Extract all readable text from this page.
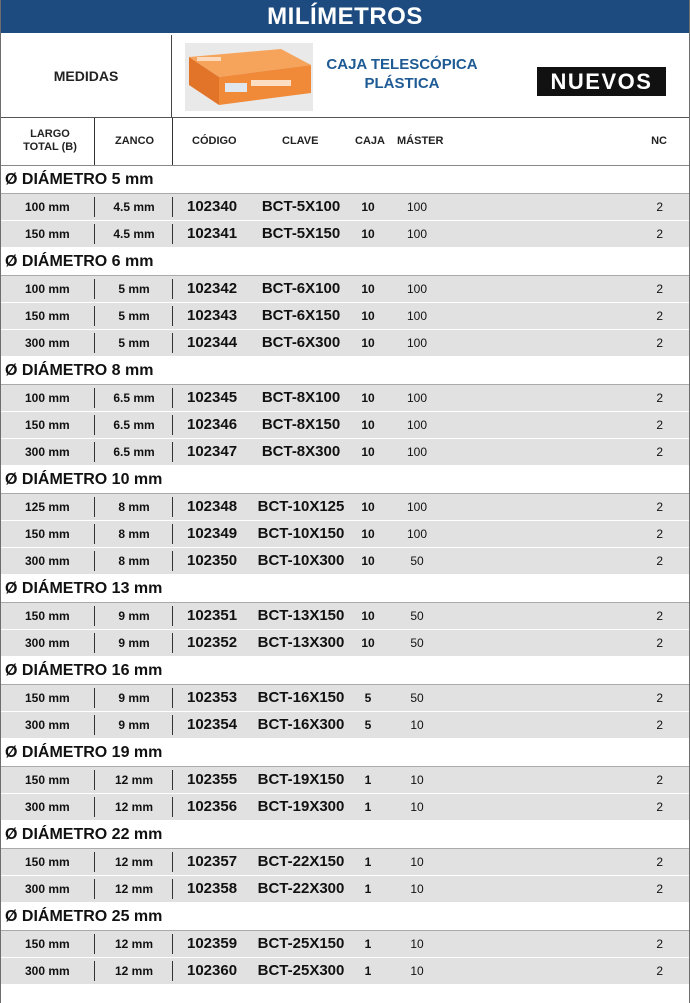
MILÍMETROS
MEDIDAS
CAJA TELESCÓPICA
PLÁSTICA	NUEVOS
LARGO
TOTAL (B)	ZANCO	CÓDIGO	CLAVE	CAJA MÁSTER	NC
Ø DIÁMETRO 5 mm
100 mm	4.5 mm	102340	BCT-5X100	10	100	2
150 mm	4.5 mm	102341	BCT-5X150	10	100	2
Ø DIÁMETRO 6 mm
100 mm	5 mm	102342	BCT-6X100	10	100	2
150 mm	5 mm	102343	BCT-6X150	10	100	2
300 mm	5 mm	102344	BCT-6X300	10	100	2
Ø DIÁMETRO 8 mm
100 mm	6.5 mm	102345	BCT-8X100	10	100	2
150 mm	6.5 mm	102346	BCT-8X150	10	100	2
300 mm	6.5 mm	102347	BCT-8X300	10	100	2
Ø DIÁMETRO 10 mm
125 mm	8 mm	102348 BCT-10X125	10	100	2
150 mm	8 mm	102349 BCT-10X150	10	100	2
300 mm	8 mm	102350 BCT-10X300	10	50	2
Ø DIÁMETRO 13 mm
150 mm	9 mm	102351 BCT-13X150	10	50	2
300 mm	9 mm	102352 BCT-13X300	10	50	2
Ø DIÁMETRO 16 mm
150 mm	9 mm	102353 BCT-16X150	5	50	2
300 mm	9 mm	102354 BCT-16X300	5	10	2
Ø DIÁMETRO 19 mm
150 mm	12 mm	102355 BCT-19X150	1	10	2
300 mm	12 mm	102356 BCT-19X300	1	10	2
Ø DIÁMETRO 22 mm
150 mm	12 mm	102357 BCT-22X150	1	10	2
300 mm	12 mm	102358 BCT-22X300	1	10	2
Ø DIÁMETRO 25 mm
150 mm	12 mm	102359 BCT-25X150	1	10	2
300 mm	12 mm	102360 BCT-25X300	1	10	2
